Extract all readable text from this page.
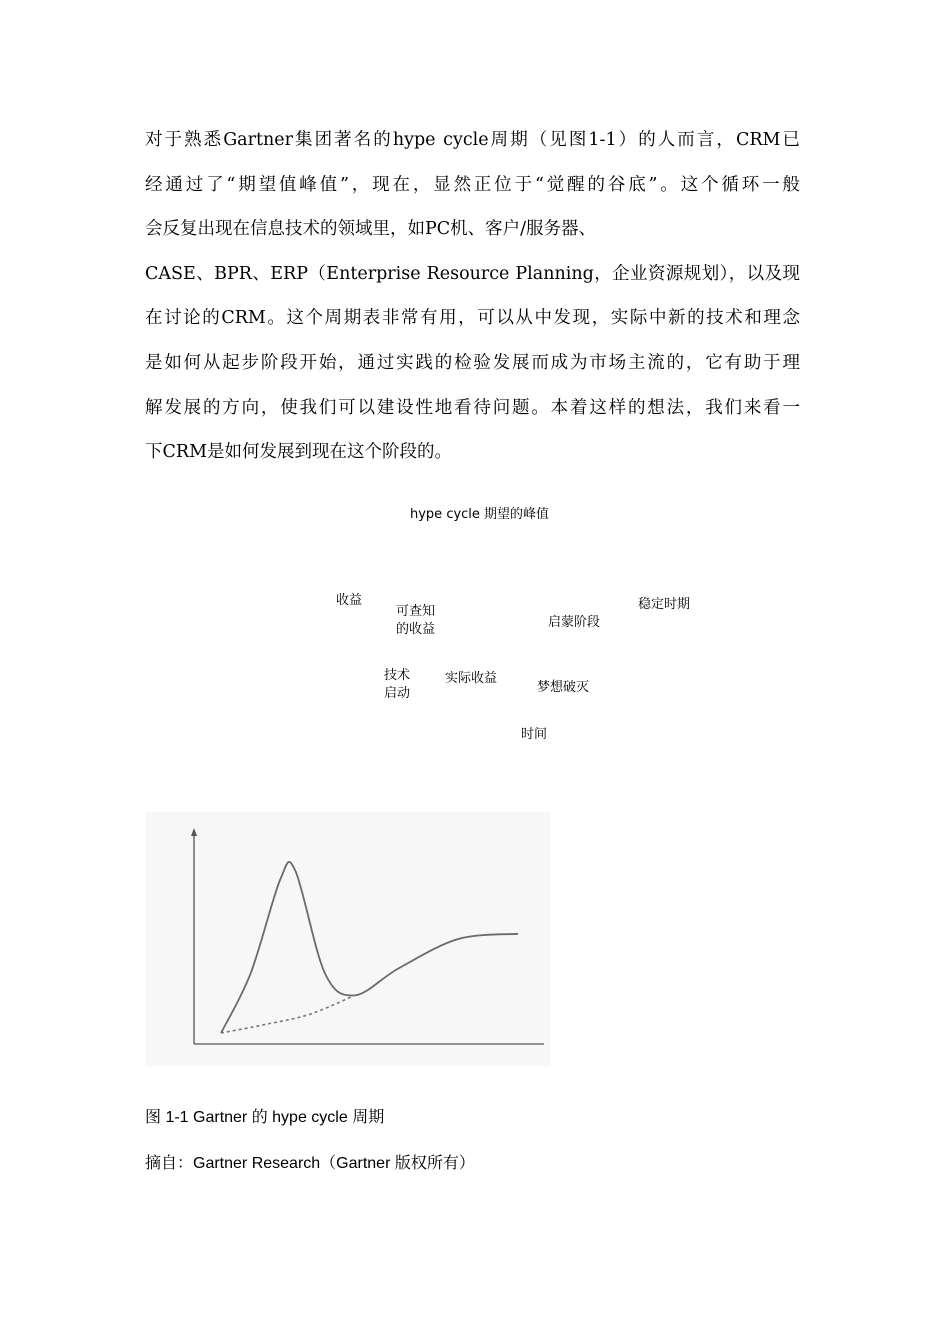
对于熟悉Gartner集团著名的hype cycle周期（见图1-1）的人而言，CRM已
经通过了“期望值峰值”，现在，显然正位于“觉醒的谷底”。这个循环一般
会反复出现在信息技术的领域里，如PC机、客户/服务器、
CASE、BPR、ERP（Enterprise Resource Planning，企业资源规划），以及现
在讨论的CRM。这个周期表非常有用，可以从中发现，实际中新的技术和理念
是如何从起步阶段开始，通过实践的检验发展而成为市场主流的，它有助于理
解发展的方向，使我们可以建设性地看待问题。本着这样的想法，我们来看一
下CRM是如何发展到现在这个阶段的。
hype cycle 期望的峰值
收益
可查知
的收益	启蒙阶段
稳定时期
技术
启动
实际收益
梦想破灭
时间
图 1-1 Gartner 的 hype cycle 周期
摘自：Gartner Research（Gartner 版权所有）
